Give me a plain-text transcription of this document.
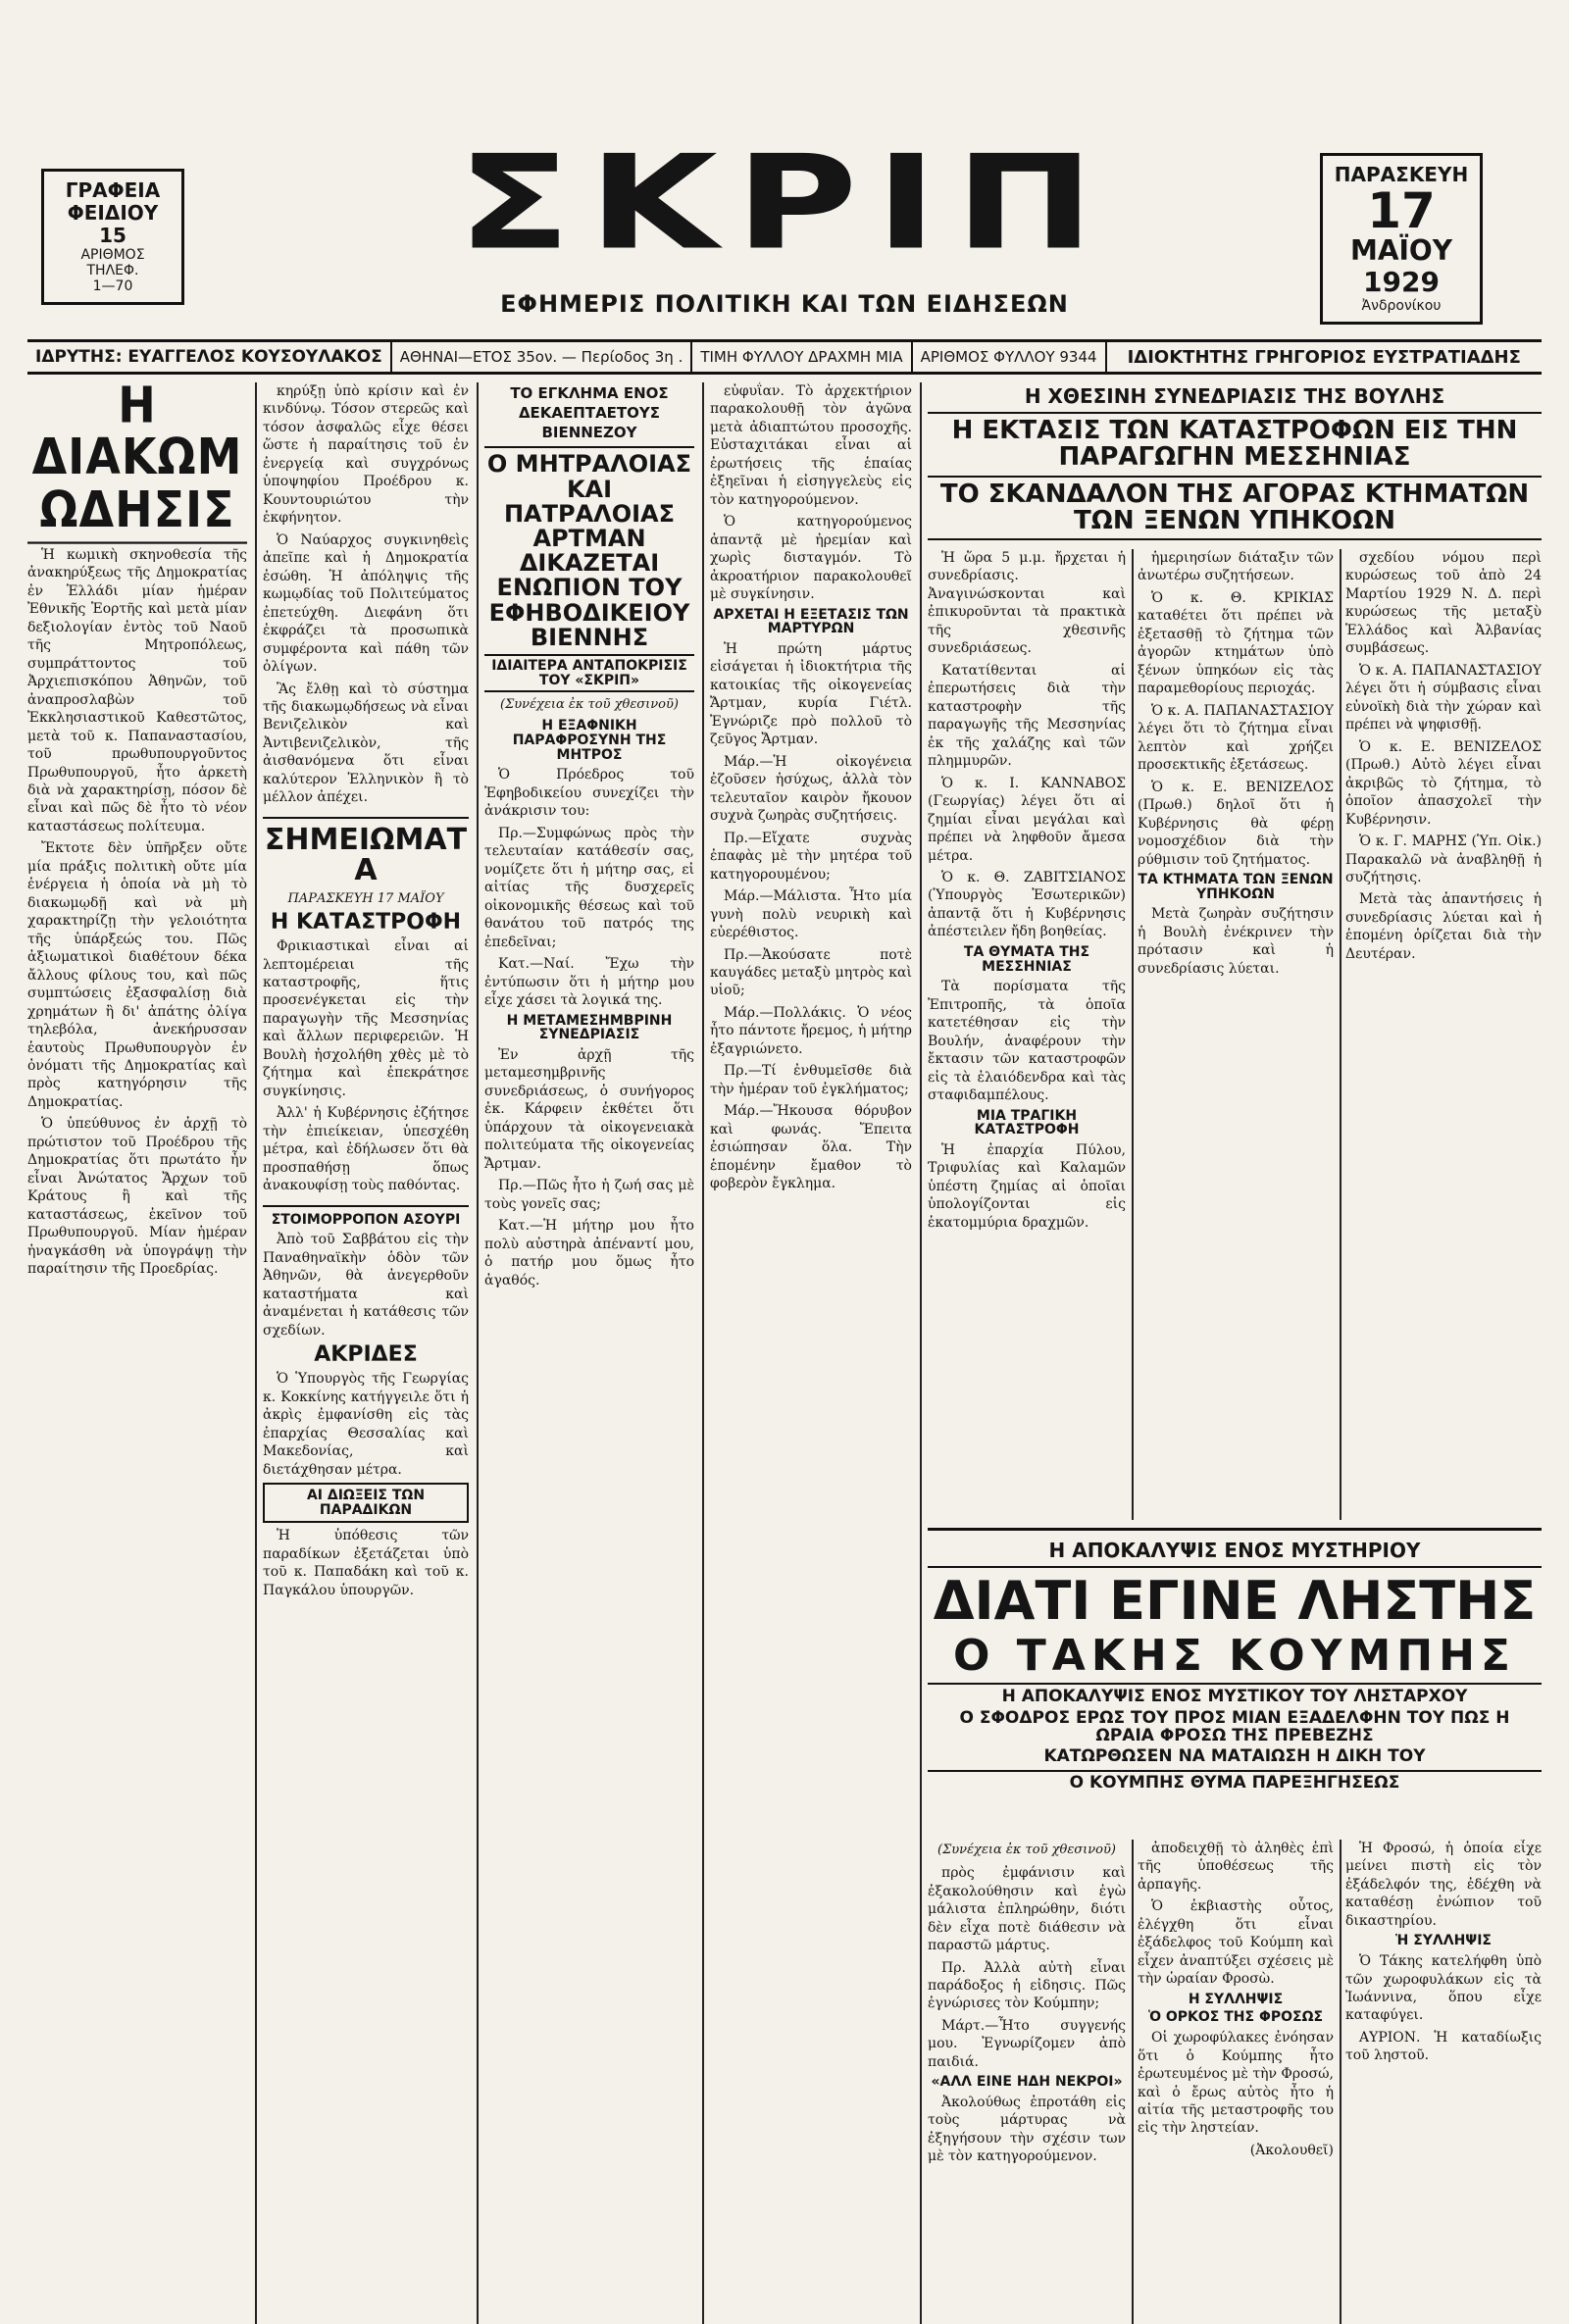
ΓΡΑΦΕΙΑ
ΦΕΙΔΙΟΥ 15

ΑΡΙΘΜΟΣ ΤΗΛΕΦ.
1—70
ΣΚΡΙΠ
ΕΦΗΜΕΡΙΣ ΠΟΛΙΤΙΚΗ ΚΑΙ ΤΩΝ ΕΙΔΗΣΕΩΝ
ΠΑΡΑΣΚΕΥΗ
17
ΜΑΪΟΥ
1929
Ἀνδρονίκου
ΙΔΡΥΤΗΣ: ΕΥΑΓΓΕΛΟΣ ΚΟΥΣΟΥΛΑΚΟΣ	ΑΘΗΝΑΙ—ΕΤΟΣ 35ον. — Περίοδος 3η .	ΤΙΜΗ ΦΥΛΛΟΥ ΔΡΑΧΜΗ ΜΙΑ	ΑΡΙΘΜΟΣ ΦΥΛΛΟΥ 9344	ΙΔΙΟΚΤΗΤΗΣ ΓΡΗΓΟΡΙΟΣ ΕΥΣΤΡΑΤΙΑΔΗΣ
Η ΔΙΑΚΩΜΩΔΗΣΙΣ

Ἡ κωμικὴ σκηνοθεσία τῆς ἀνακηρύξεως τῆς Δημοκρατίας ἐν Ἑλλάδι μίαν ἡμέραν Ἐθνικῆς Ἑορτῆς καὶ μετὰ μίαν δεξιολογίαν ἐντὸς τοῦ Ναοῦ τῆς Μητροπόλεως, συμπράττοντος τοῦ Ἀρχιεπισκόπου Ἀθηνῶν, τοῦ ἀναπροσλαβὼν τοῦ Ἐκκλησιαστικοῦ Καθεστῶτος, μετὰ τοῦ κ. Παπαναστασίου, τοῦ πρωθυπουργοῦντος Πρωθυπουργοῦ, ἦτο ἀρκετὴ διὰ νὰ χαρακτηρίσῃ, πόσον δὲ εἶναι καὶ πῶς δὲ ἦτο τὸ νέον καταστάσεως πολίτευμα.

Ἔκτοτε δὲν ὑπῆρξεν οὔτε μία πράξις πολιτικὴ οὔτε μία ἐνέργεια ἡ ὁποία νὰ μὴ τὸ διακωμῳδῇ καὶ νὰ μὴ χαρακτηρίζῃ τὴν γελοιότητα τῆς ὑπάρξεώς του. Πῶς ἀξιωματικοὶ διαθέτουν δέκα ἄλλους φίλους του, καὶ πῶς συμπτώσεις ἐξασφαλίσῃ διὰ χρημάτων ἢ δι' ἀπάτης ὀλίγα τηλεβόλα, ἀνεκήρυσσαν ἑαυτοὺς Πρωθυπουργὸν ἐν ὀνόματι τῆς Δημοκρατίας καὶ πρὸς κατηγόρησιν τῆς Δημοκρατίας.

Ὁ ὑπεύθυνος ἐν ἀρχῇ τὸ πρώτιστον τοῦ Προέδρου τῆς Δημοκρατίας ὅτι πρωτάτο ἦν εἶναι Ἀνώτατος Ἄρχων τοῦ Κράτους ἢ καὶ τῆς καταστάσεως, ἐκεῖνον τοῦ Πρωθυπουργοῦ. Μίαν ἡμέραν ἠναγκάσθη νὰ ὑπογράψῃ τὴν παραίτησιν τῆς Προεδρίας.

κηρύξῃ ὑπὸ κρίσιν καὶ ἐν κινδύνῳ. Τόσον στερεῶς καὶ τόσον ἀσφαλῶς εἶχε θέσει ὥστε ἡ παραίτησις τοῦ ἐν ἐνεργείᾳ καὶ συγχρόνως ὑποψηφίου Προέδρου κ. Κουντουριώτου τὴν ἐκφήνητον.

Ὁ Ναύαρχος συγκινηθεὶς ἀπεῖπε καὶ ἡ Δημοκρατία ἐσώθη. Ἡ ἀπόληψις τῆς κωμῳδίας τοῦ Πολιτεύματος ἐπετεύχθη. Διεφάνη ὅτι ἐκφράζει τὰ προσωπικὰ συμφέροντα καὶ πάθη τῶν ὀλίγων.

Ἂς ἔλθῃ καὶ τὸ σύστημα τῆς διακωμῳδήσεως νὰ εἶναι Βενιζελικὸν καὶ Ἀντιβενιζελικὸν, τῆς ἀισθανόμενα ὅτι εἶναι καλύτερον Ἑλληνικὸν ἢ τὸ μέλλον ἀπέχει.

ΣΗΜΕΙΩΜΑΤΑ
ΠΑΡΑΣΚΕΥΗ 17 ΜΑΪΟΥ
Η ΚΑΤΑΣΤΡΟΦΗ

Φρικιαστικαὶ εἶναι αἱ λεπτομέρειαι τῆς καταστροφῆς, ἥτις προσενέγκεται εἰς τὴν παραγωγὴν τῆς Μεσσηνίας καὶ ἄλλων περιφερειῶν. Ἡ Βουλὴ ἠσχολήθη χθὲς μὲ τὸ ζήτημα καὶ ἐπεκράτησε συγκίνησις.

Ἀλλ' ἡ Κυβέρνησις ἐζήτησε τὴν ἐπιείκειαν, ὑπεσχέθη μέτρα, καὶ ἐδήλωσεν ὅτι θὰ προσπαθήσῃ ὅπως ἀνακουφίσῃ τοὺς παθόντας.

ΣΤΟΙΜΟΡΡΟΠΟΝ ΑΣΟΥΡΙ

Ἀπὸ τοῦ Σαββάτου εἰς τὴν Παναθηναϊκὴν ὁδὸν τῶν Ἀθηνῶν, θὰ ἀνεγερθοῦν καταστήματα καὶ ἀναμένεται ἡ κατάθεσις τῶν σχεδίων.

ΑΚΡΙΔΕΣ

Ὁ Ὑπουργὸς τῆς Γεωργίας κ. Κοκκίνης κατήγγειλε ὅτι ἡ ἀκρὶς ἐμφανίσθη εἰς τὰς ἐπαρχίας Θεσσαλίας καὶ Μακεδονίας, καὶ διετάχθησαν μέτρα.

ΑΙ ΔΙΩΞΕΙΣ ΤΩΝ ΠΑΡΑΔΙΚΩΝ

Ἡ ὑπόθεσις τῶν παραδίκων ἐξετάζεται ὑπὸ τοῦ κ. Παπαδάκη καὶ τοῦ κ. Παγκάλου ὑπουργῶν.

ΤΟ ΕΓΚΛΗΜΑ ΕΝΟΣ ΔΕΚΑΕΠΤΑΕΤΟΥΣ ΒΙΕΝΝΕΖΟΥ
Ο ΜΗΤΡΑΛΟΙΑΣ ΚΑΙ ΠΑΤΡΑΛΟΙΑΣ ΑΡΤΜΑΝ ΔΙΚΑΖΕΤΑΙ ΕΝΩΠΙΟΝ ΤΟΥ ΕΦΗΒΟΔΙΚΕΙΟΥ ΒΙΕΝΝΗΣ
ΙΔΙΑΙΤΕΡΑ ΑΝΤΑΠΟΚΡΙΣΙΣ ΤΟΥ «ΣΚΡΙΠ»
(Συνέχεια ἐκ τοῦ χθεσινοῦ)
Η ΕΞΑΦΝΙΚΗ ΠΑΡΑΦΡΟΣΥΝΗ ΤΗΣ ΜΗΤΡΟΣ

Ὁ Πρόεδρος τοῦ Ἐφηβοδικείου συνεχίζει τὴν ἀνάκρισιν του:

Πρ.—Συμφώνως πρὸς τὴν τελευταίαν κατάθεσίν σας, νομίζετε ὅτι ἡ μήτηρ σας, εἰ αἰτίας τῆς δυσχερεῖς οἰκονομικῆς θέσεως καὶ τοῦ θανάτου τοῦ πατρός της ἐπεδεῖναι;

Κατ.—Ναί. Ἔχω τὴν ἐντύπωσιν ὅτι ἡ μήτηρ μου εἶχε χάσει τὰ λογικά της.

Η ΜΕΤΑΜΕΣΗΜΒΡΙΝΗ ΣΥΝΕΔΡΙΑΣΙΣ

Ἐν ἀρχῇ τῆς μεταμεσημβρινῆς συνεδριάσεως, ὁ συνήγορος ἐκ. Κάρφειν ἐκθέτει ὅτι ὑπάρχουν τὰ οἰκογενειακὰ πολιτεύματα τῆς οἰκογενείας Ἄρτμαν.

Πρ.—Πῶς ἦτο ἡ ζωή σας μὲ τοὺς γονεῖς σας;

Κατ.—Ἡ μήτηρ μου ἦτο πολὺ αὐστηρὰ ἀπέναντί μου, ὁ πατήρ μου ὅμως ἦτο ἀγαθός.

εὐφυΐαν. Τὸ ἀρχεκτήριον παρακολουθῇ τὸν ἀγῶνα μετὰ ἀδιαπτώτου προσοχῆς. Εὐσταχιτάκαι εἶναι αἱ ἐρωτήσεις τῆς ἑπαίας ἐξηεῖναι ἡ εἰσηγγελεὺς εἰς τὸν κατηγορούμενον.

Ὁ κατηγορούμενος ἀπαντᾷ μὲ ἠρεμίαν καὶ χωρὶς δισταγμόν. Τὸ ἀκροατήριον παρακολουθεῖ μὲ συγκίνησιν.

ΑΡΧΕΤΑΙ Η ΕΞΕΤΑΣΙΣ ΤΩΝ ΜΑΡΤΥΡΩΝ

Ἡ πρώτη μάρτυς εἰσάγεται ἡ ἰδιοκτήτρια τῆς κατοικίας τῆς οἰκογενείας Ἄρτμαν, κυρία Γιέτλ. Ἐγνώριζε πρὸ πολλοῦ τὸ ζεῦγος Ἄρτμαν.

Μάρ.—Ἡ οἰκογένεια ἐζοῦσεν ἡσύχως, ἀλλὰ τὸν τελευταῖον καιρὸν ἤκουον συχνὰ ζωηρὰς συζητήσεις.

Πρ.—Εἴχατε συχνὰς ἐπαφὰς μὲ τὴν μητέρα τοῦ κατηγορουμένου;

Μάρ.—Μάλιστα. Ἦτο μία γυνὴ πολὺ νευρικὴ καὶ εὐερέθιστος.

Πρ.—Ἀκούσατε ποτὲ καυγάδες μεταξὺ μητρὸς καὶ υἱοῦ;

Μάρ.—Πολλάκις. Ὁ νέος ἦτο πάντοτε ἤρεμος, ἡ μήτηρ ἐξαγριώνετο.

Πρ.—Τί ἐνθυμεῖσθε διὰ τὴν ἡμέραν τοῦ ἐγκλήματος;

Μάρ.—Ἤκουσα θόρυβον καὶ φωνάς. Ἔπειτα ἐσιώπησαν ὅλα. Τὴν ἑπομένην ἔμαθον τὸ φοβερὸν ἔγκλημα.

Η ΧΘΕΣΙΝΗ ΣΥΝΕΔΡΙΑΣΙΣ ΤΗΣ ΒΟΥΛΗΣ
Η ΕΚΤΑΣΙΣ ΤΩΝ ΚΑΤΑΣΤΡΟΦΩΝ ΕΙΣ ΤΗΝ ΠΑΡΑΓΩΓΗΝ ΜΕΣΣΗΝΙΑΣ
ΤΟ ΣΚΑΝΔΑΛΟΝ ΤΗΣ ΑΓΟΡΑΣ ΚΤΗΜΑΤΩΝ ΤΩΝ ΞΕΝΩΝ ΥΠΗΚΟΩΝ

Ἡ ὥρα 5 μ.μ. ἤρχεται ἡ συνεδρίασις. Ἀναγινώσκονται καὶ ἐπικυροῦνται τὰ πρακτικὰ τῆς χθεσινῆς συνεδριάσεως.

Κατατίθενται αἱ ἐπερωτήσεις διὰ τὴν καταστροφὴν τῆς παραγωγῆς τῆς Μεσσηνίας ἐκ τῆς χαλάζης καὶ τῶν πλημμυρῶν.

Ὁ κ. Ι. ΚΑΝΝΑΒΟΣ (Γεωργίας) λέγει ὅτι αἱ ζημίαι εἶναι μεγάλαι καὶ πρέπει νὰ ληφθοῦν ἄμεσα μέτρα.

Ὁ κ. Θ. ΖΑΒΙΤΣΙΑΝΟΣ (Ὑπουργὸς Ἐσωτερικῶν) ἀπαντᾷ ὅτι ἡ Κυβέρνησις ἀπέστειλεν ἤδη βοηθείας.

ΤΑ ΘΥΜΑΤΑ ΤΗΣ ΜΕΣΣΗΝΙΑΣ

Τὰ πορίσματα τῆς Ἐπιτροπῆς, τὰ ὁποῖα κατετέθησαν εἰς τὴν Βουλήν, ἀναφέρουν τὴν ἔκτασιν τῶν καταστροφῶν εἰς τὰ ἐλαιόδενδρα καὶ τὰς σταφιδαμπέλους.

ΜΙΑ ΤΡΑΓΙΚΗ ΚΑΤΑΣΤΡΟΦΗ

Ἡ ἐπαρχία Πύλου, Τριφυλίας καὶ Καλαμῶν ὑπέστη ζημίας αἱ ὁποῖαι ὑπολογίζονται εἰς ἑκατομμύρια δραχμῶν.

ἡμεριησίων διάταξιν τῶν ἀνωτέρω συζητήσεων.

Ὁ κ. Θ. ΚΡΙΚΙΑΣ καταθέτει ὅτι πρέπει νὰ ἐξετασθῇ τὸ ζήτημα τῶν ἀγορῶν κτημάτων ὑπὸ ξένων ὑπηκόων εἰς τὰς παραμεθορίους περιοχάς.

Ὁ κ. Α. ΠΑΠΑΝΑΣΤΑΣΙΟΥ λέγει ὅτι τὸ ζήτημα εἶναι λεπτὸν καὶ χρήζει προσεκτικῆς ἐξετάσεως.

Ὁ κ. Ε. ΒΕΝΙΖΕΛΟΣ (Πρωθ.) δηλοῖ ὅτι ἡ Κυβέρνησις θὰ φέρῃ νομοσχέδιον διὰ τὴν ρύθμισιν τοῦ ζητήματος.

ΤΑ ΚΤΗΜΑΤΑ ΤΩΝ ΞΕΝΩΝ ΥΠΗΚΟΩΝ

Μετὰ ζωηρὰν συζήτησιν ἡ Βουλὴ ἐνέκρινεν τὴν πρότασιν καὶ ἡ συνεδρίασις λύεται.

σχεδίου νόμου περὶ κυρώσεως τοῦ ἀπὸ 24 Μαρτίου 1929 Ν. Δ. περὶ κυρώσεως τῆς μεταξὺ Ἑλλάδος καὶ Ἀλβανίας συμβάσεως.

Ὁ κ. Α. ΠΑΠΑΝΑΣΤΑΣΙΟΥ λέγει ὅτι ἡ σύμβασις εἶναι εὐνοϊκὴ διὰ τὴν χώραν καὶ πρέπει νὰ ψηφισθῇ.

Ὁ κ. Ε. ΒΕΝΙΖΕΛΟΣ (Πρωθ.) Αὐτὸ λέγει εἶναι ἀκριβῶς τὸ ζήτημα, τὸ ὁποῖον ἀπασχολεῖ τὴν Κυβέρνησιν.

Ὁ κ. Γ. ΜΑΡΗΣ (Ὑπ. Οἰκ.) Παρακαλῶ νὰ ἀναβληθῇ ἡ συζήτησις.

Μετὰ τὰς ἀπαντήσεις ἡ συνεδρίασις λύεται καὶ ἡ ἑπομένη ὁρίζεται διὰ τὴν Δευτέραν.

Η ΑΠΟΚΑΛΥΨΙΣ ΕΝΟΣ ΜΥΣΤΗΡΙΟΥ
ΔΙΑΤΙ ΕΓΙΝΕ ΛΗΣΤΗΣ
Ο ΤΑΚΗΣ ΚΟΥΜΠΗΣ
Η ΑΠΟΚΑΛΥΨΙΣ ΕΝΟΣ ΜΥΣΤΙΚΟΥ ΤΟΥ ΛΗΣΤΑΡΧΟΥ
Ο ΣΦΟΔΡΟΣ ΕΡΩΣ ΤΟΥ ΠΡΟΣ ΜΙΑΝ ΕΞΑΔΕΛΦΗΝ ΤΟΥ ΠΩΣ Η ΩΡΑΙΑ ΦΡΟΣΩ ΤΗΣ ΠΡΕΒΕΖΗΣ
ΚΑΤΩΡΘΩΣΕΝ ΝΑ ΜΑΤΑΙΩΣΗ Η ΔΙΚΗ ΤΟΥ
Ο ΚΟΥΜΠΗΣ ΘΥΜΑ ΠΑΡΕΞΗΓΗΣΕΩΣ
(Συνέχεια ἐκ τοῦ χθεσινοῦ)

πρὸς ἐμφάνισιν καὶ ἐξακολούθησιν καὶ ἐγὼ μάλιστα ἐπληρώθην, διότι δὲν εἶχα ποτὲ διάθεσιν νὰ παραστῶ μάρτυς.

Πρ. Ἀλλὰ αὐτὴ εἶναι παράδοξος ἡ εἰδησις. Πῶς ἐγνώρισες τὸν Κούμπην;

Μάρτ.—Ἦτο συγγενής μου. Ἐγνωρίζομεν ἀπὸ παιδιά.

«ΑΛΛ ΕΙΝΕ ΗΔΗ ΝΕΚΡΟΙ»

Ἀκολούθως ἐπροτάθη εἰς τοὺς μάρτυρας νὰ ἐξηγήσουν τὴν σχέσιν των μὲ τὸν κατηγορούμενον.

ἀποδειχθῇ τὸ ἀληθὲς ἐπὶ τῆς ὑποθέσεως τῆς ἀρπαγῆς.

Ὁ ἐκβιαστὴς οὗτος, ἐλέγχθη ὅτι εἶναι ἐξάδελφος τοῦ Κούμπη καὶ εἶχεν ἀναπτύξει σχέσεις μὲ τὴν ὡραίαν Φροσὼ.

Η ΣΥΛΛΗΨΙΣ
Ὁ ΟΡΚΟΣ ΤΗΣ ΦΡΟΣΩΣ

Οἱ χωροφύλακες ἐνόησαν ὅτι ὁ Κούμπης ἦτο ἐρωτευμένος μὲ τὴν Φροσώ, καὶ ὁ ἔρως αὐτὸς ἦτο ἡ αἰτία τῆς μεταστροφῆς του εἰς τὴν ληστείαν.

(Ἀκολουθεῖ)

Ἡ Φροσώ, ἡ ὁποία εἶχε μείνει πιστὴ εἰς τὸν ἐξάδελφόν της, ἐδέχθη νὰ καταθέσῃ ἐνώπιον τοῦ δικαστηρίου.

Ἡ ΣΥΛΛΗΨΙΣ

Ὁ Τάκης κατελήφθη ὑπὸ τῶν χωροφυλάκων εἰς τὰ Ἰωάννινα, ὅπου εἶχε καταφύγει.

ΑΥΡΙΟΝ. Ἡ καταδίωξις τοῦ ληστοῦ.
